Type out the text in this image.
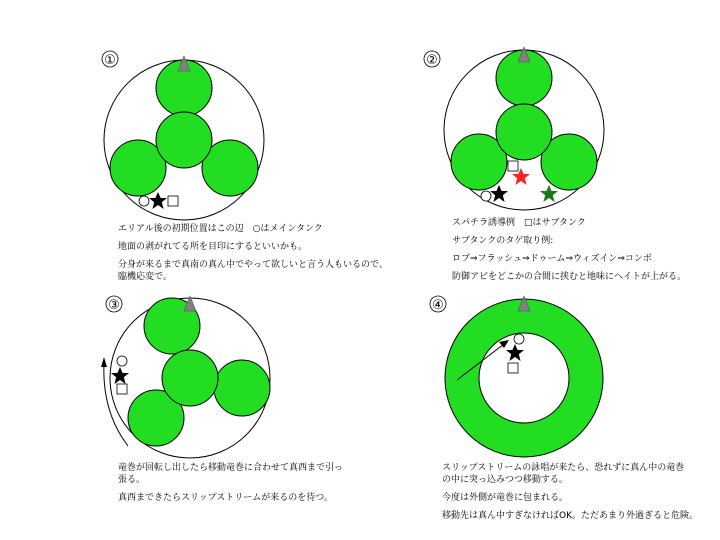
①	②
③	④

エリアル後の初期位置はこの辺　○はメインタンク

地面の剥がれてる所を目印にするといいかも。

分身が来るまで真南の真ん中でやって欲しいと言う人もいるので、
臨機応変で。

スパチラ誘導例　□はサブタンク

サブタンクのタゲ取り例:

ロブ⇒フラッシュ⇒ドゥーム⇒ウィズイン⇒コンボ

防御アビをどこかの合間に挟むと地味にヘイトが上がる。

竜巻が回転し出したら移動竜巻に合わせて真西まで引っ
張る。

真西まできたらスリップストリームが来るのを待つ。

スリップストリームの詠唱が来たら、恐れずに真ん中の竜巻
の中に突っ込みつつ移動する。

今度は外側が竜巻に包まれる。

移動先は真ん中すぎなければOK。ただあまり外過ぎると危険。
